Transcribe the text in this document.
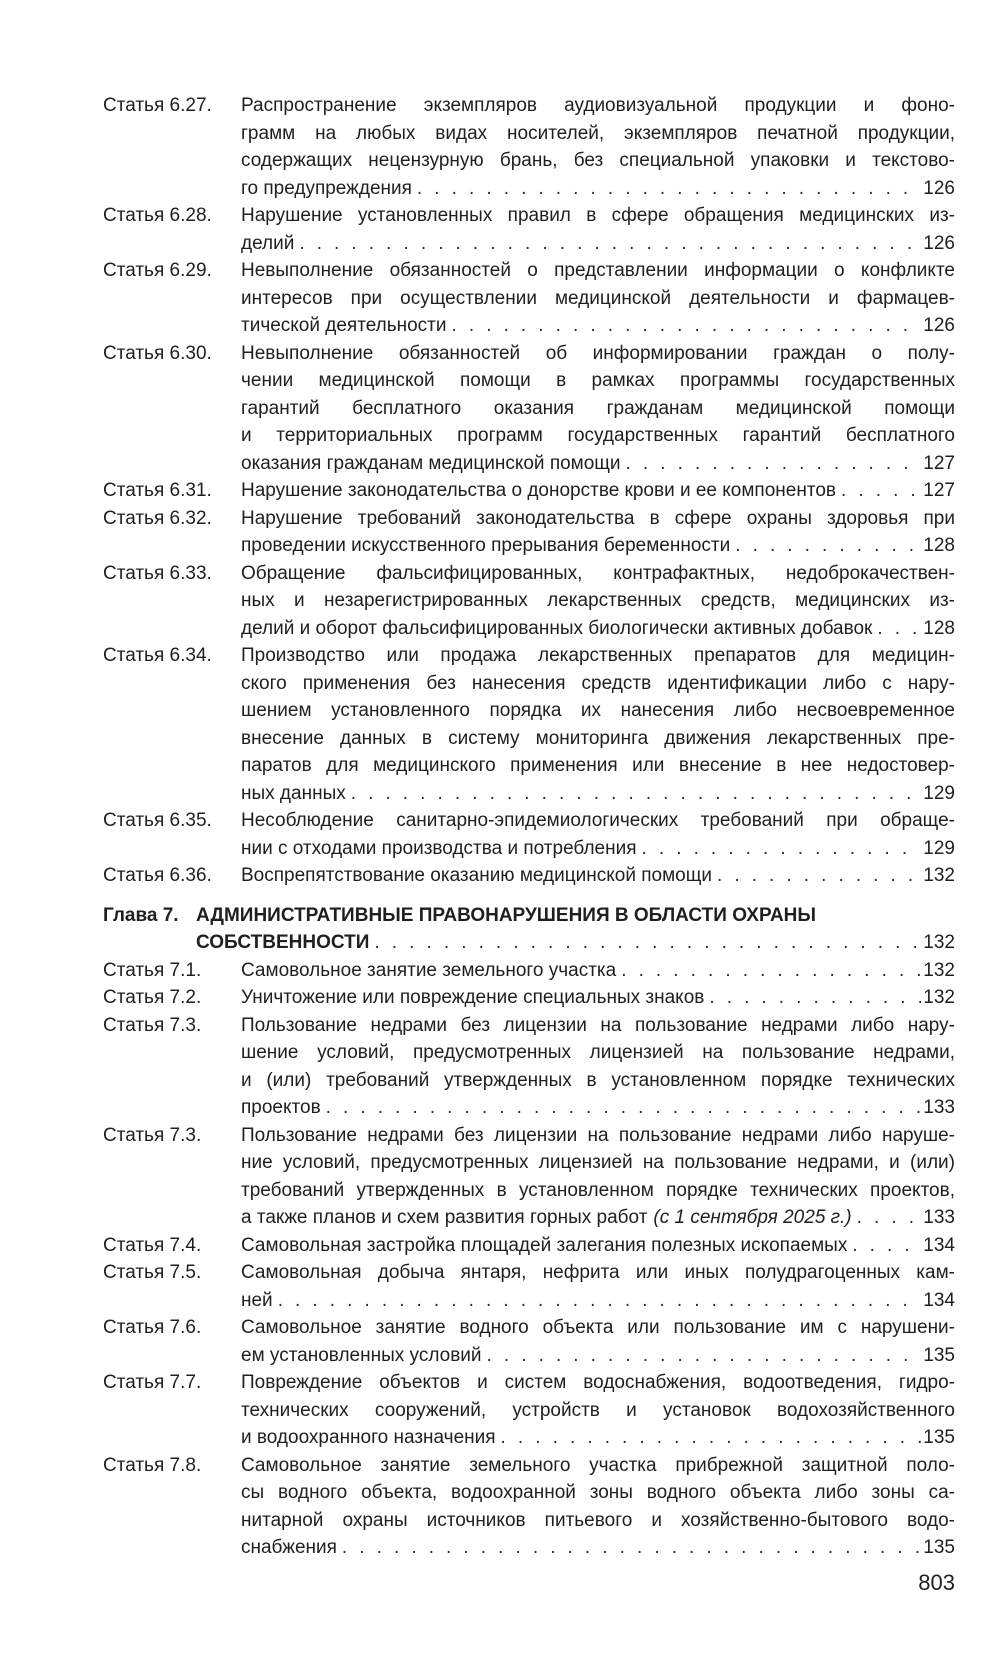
Статья 6.27.	Распространение экземпляров аудиовизуальной продукции и фоно-
грамм на любых видах носителей, экземпляров печатной продукции,
содержащих нецензурную брань, без специальной упаковки и текстово-
го предупреждения . . .	126
Статья 6.28.	Нарушение установленных правил в сфере обращения медицинских из-
делий . . .	126
Статья 6.29.	Невыполнение обязанностей о представлении информации о конфликте
интересов при осуществлении медицинской деятельности и фармацев-
тической деятельности . . .	126
Статья 6.30.	Невыполнение обязанностей об информировании граждан о полу-
чении медицинской помощи в рамках программы государственных
гарантий бесплатного оказания гражданам медицинской помощи
и территориальных программ государственных гарантий бесплатного
оказания гражданам медицинской помощи . . .	127
Статья 6.31.	Нарушение законодательства о донорстве крови и ее компонентов . . .	127
Статья 6.32.	Нарушение требований законодательства в сфере охраны здоровья при
проведении искусственного прерывания беременности . . .	128
Статья 6.33.	Обращение фальсифицированных, контрафактных, недоброкачествен-
ных и незарегистрированных лекарственных средств, медицинских из-
делий и оборот фальсифицированных биологически активных добавок . . .	128
Статья 6.34.	Производство или продажа лекарственных препаратов для медицин-
ского применения без нанесения средств идентификации либо с нару-
шением установленного порядка их нанесения либо несвоевременное
внесение данных в систему мониторинга движения лекарственных пре-
паратов для медицинского применения или внесение в нее недостовер-
ных данных . . .	129
Статья 6.35.	Несоблюдение санитарно-эпидемиологических требований при обраще-
нии с отходами производства и потребления . . .	129
Статья 6.36.	Воспрепятствование оказанию медицинской помощи . . .	132
Глава 7. АДМИНИСТРАТИВНЫЕ ПРАВОНАРУШЕНИЯ В ОБЛАСТИ ОХРАНЫ
СОБСТВЕННОСТИ . . .	132
Статья 7.1.	Самовольное занятие земельного участка . . .	132
Статья 7.2.	Уничтожение или повреждение специальных знаков . . .	132
Статья 7.3.	Пользование недрами без лицензии на пользование недрами либо нару-
шение условий, предусмотренных лицензией на пользование недрами,
и (или) требований утвержденных в установленном порядке технических
проектов . . .	133
Статья 7.3.	Пользование недрами без лицензии на пользование недрами либо наруше-
ние условий, предусмотренных лицензией на пользование недрами, и (или)
требований утвержденных в установленном порядке технических проектов,
а также планов и схем развития горных работ (с 1 сентября 2025 г.) . . .	133
Статья 7.4.	Самовольная застройка площадей залегания полезных ископаемых . . .	134
Статья 7.5.	Самовольная добыча янтаря, нефрита или иных полудрагоценных кам-
ней . . .	134
Статья 7.6.	Самовольное занятие водного объекта или пользование им с нарушени-
ем установленных условий . . .	135
Статья 7.7.	Повреждение объектов и систем водоснабжения, водоотведения, гидро-
технических сооружений, устройств и установок водохозяйственного
и водоохранного назначения . . .	135
Статья 7.8.	Самовольное занятие земельного участка прибрежной защитной поло-
сы водного объекта, водоохранной зоны водного объекта либо зоны са-
нитарной охраны источников питьевого и хозяйственно-бытового водо-
снабжения . . .	135
803
